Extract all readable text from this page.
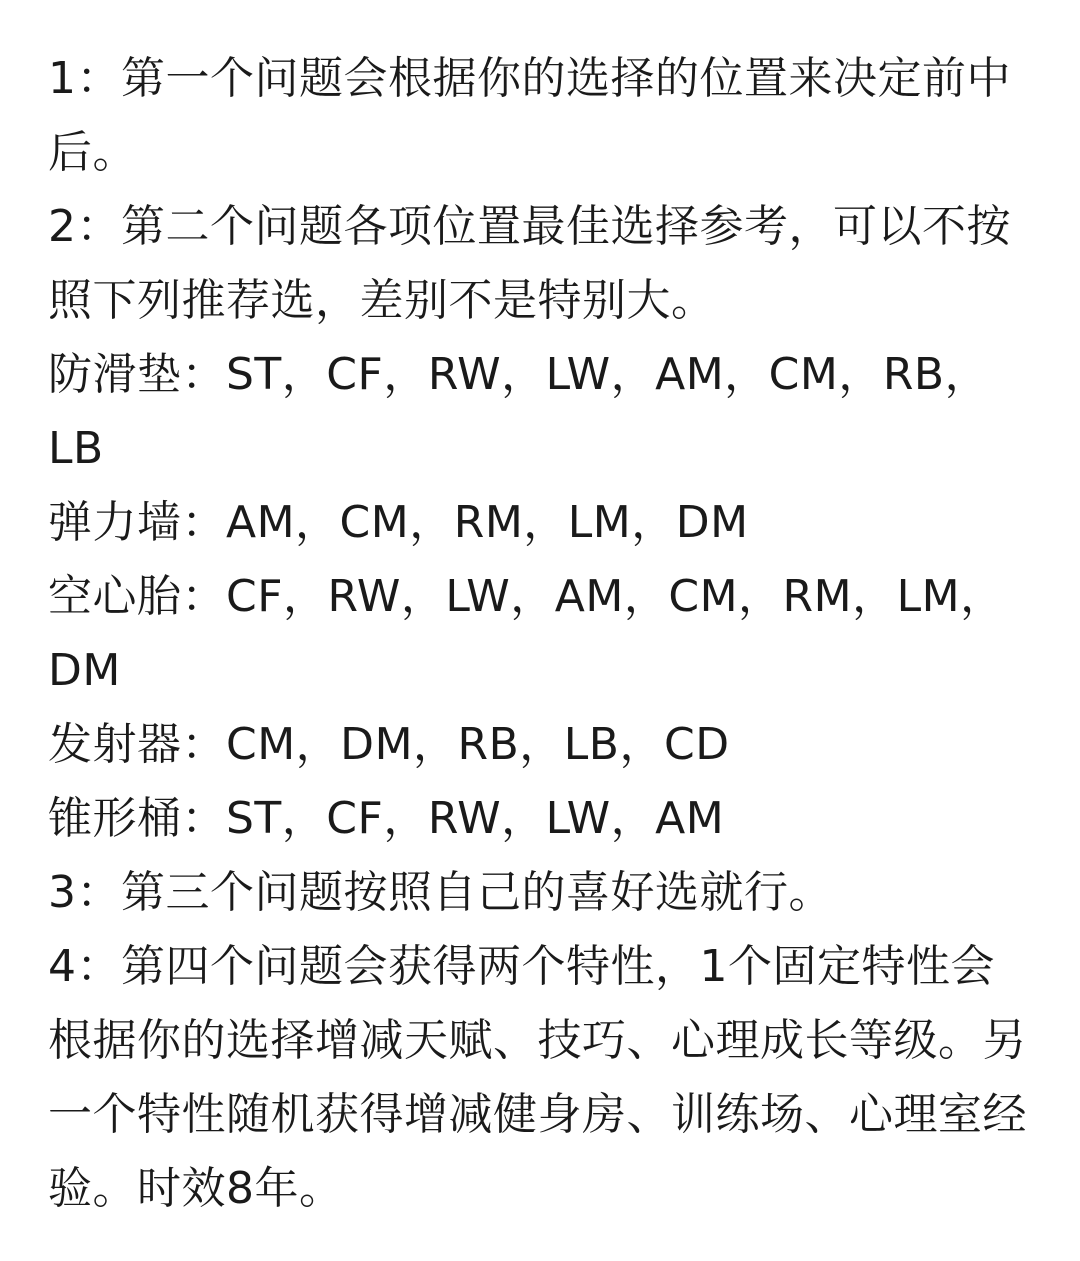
1：第一个问题会根据你的选择的位置来决定前中后。

2：第二个问题各项位置最佳选择参考，可以不按照下列推荐选，差别不是特别大。

防滑垫：ST，CF，RW，LW，AM，CM，RB，LB

弹力墙：AM，CM，RM，LM，DM

空心胎：CF，RW，LW，AM，CM，RM，LM，DM

发射器：CM，DM，RB，LB，CD

锥形桶：ST，CF，RW，LW，AM

3：第三个问题按照自己的喜好选就行。

4：第四个问题会获得两个特性，1个固定特性会根据你的选择增减天赋、技巧、心理成长等级。另一个特性随机获得增减健身房、训练场、心理室经验。时效8年。
